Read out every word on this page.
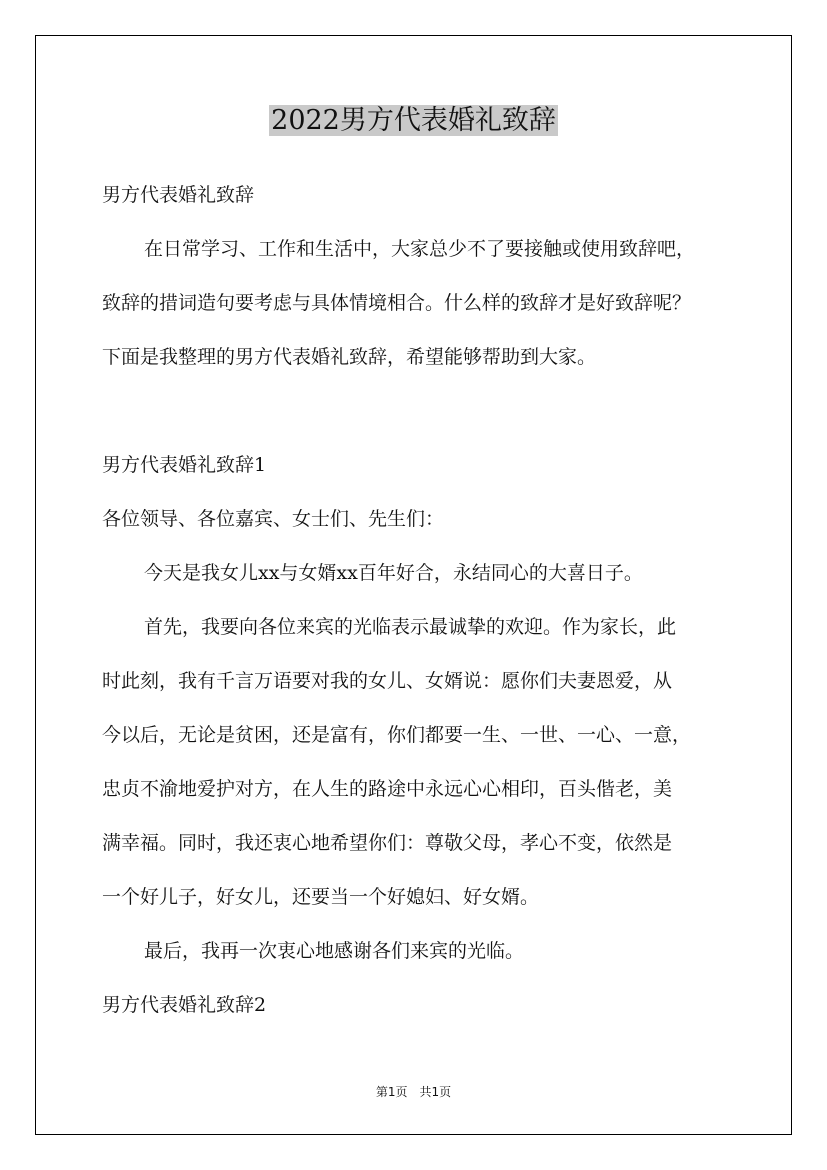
2022男方代表婚礼致辞

男方代表婚礼致辞

在日常学习、工作和生活中，大家总少不了要接触或使用致辞吧，

致辞的措词造句要考虑与具体情境相合。什么样的致辞才是好致辞呢？

下面是我整理的男方代表婚礼致辞，希望能够帮助到大家。

男方代表婚礼致辞1

各位领导、各位嘉宾、女士们、先生们：

今天是我女儿xx与女婿xx百年好合，永结同心的大喜日子。

首先，我要向各位来宾的光临表示最诚挚的欢迎。作为家长，此

时此刻，我有千言万语要对我的女儿、女婿说：愿你们夫妻恩爱，从

今以后，无论是贫困，还是富有，你们都要一生、一世、一心、一意，

忠贞不渝地爱护对方，在人生的路途中永远心心相印，百头偕老，美

满幸福。同时，我还衷心地希望你们：尊敬父母，孝心不变，依然是

一个好儿子，好女儿，还要当一个好媳妇、好女婿。

最后，我再一次衷心地感谢各们来宾的光临。

男方代表婚礼致辞2

第1页　共1页
